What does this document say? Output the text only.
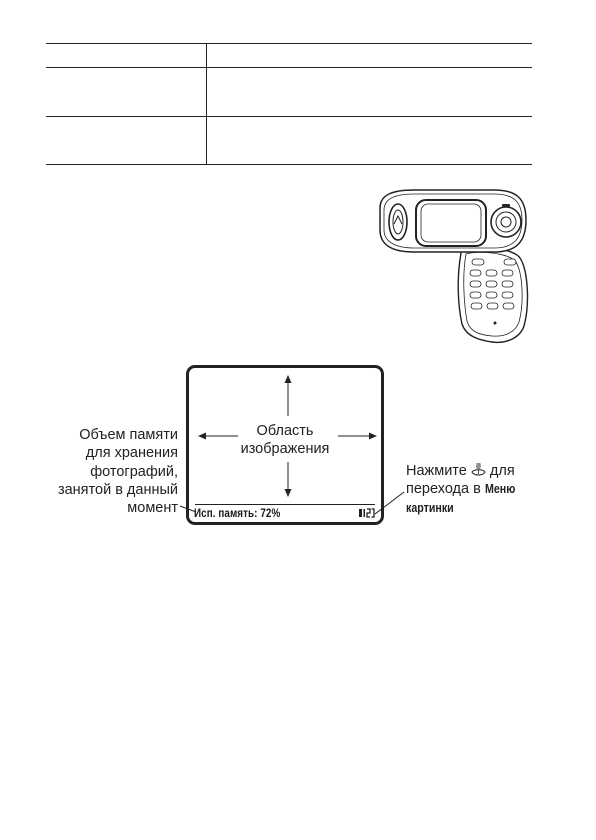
Область
изображения
Исп. память: 72%
Объем памяти
для хранения
фотографий,
занятой в данный
момент
Нажмите для
перехода в Меню
картинки
